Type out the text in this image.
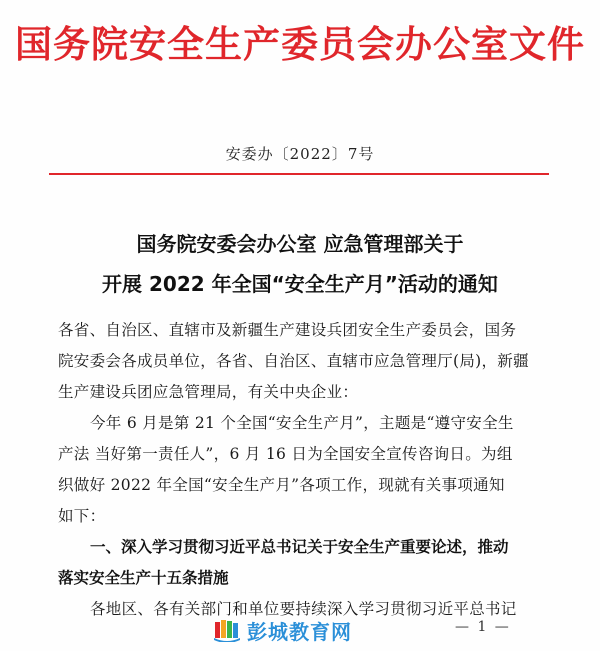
国务院安全生产委员会办公室文件
安委办〔2022〕7号
国务院安委会办公室 应急管理部关于
开展 2022 年全国“安全生产月”活动的通知
各省、自治区、直辖市及新疆生产建设兵团安全生产委员会，国务
院安委会各成员单位，各省、自治区、直辖市应急管理厅(局)，新疆
生产建设兵团应急管理局，有关中央企业：
今年 6 月是第 21 个全国“安全生产月”，主题是“遵守安全生
产法 当好第一责任人”，6 月 16 日为全国安全宣传咨询日。为组
织做好 2022 年全国“安全生产月”各项工作，现就有关事项通知
如下：
一、深入学习贯彻习近平总书记关于安全生产重要论述，推动
落实安全生产十五条措施
各地区、各有关部门和单位要持续深入学习贯彻习近平总书记
彭城教育网	— 1 —
